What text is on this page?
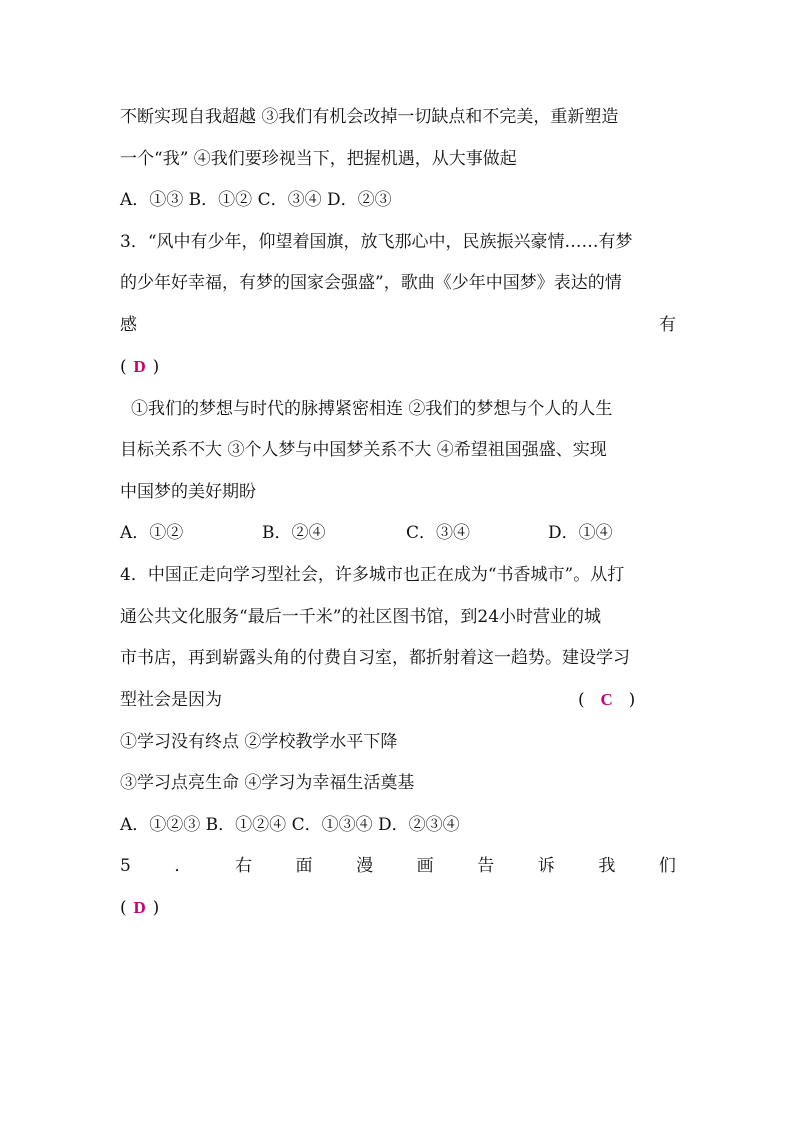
不断实现自我超越 ③我们有机会改掉一切缺点和不完美，重新塑造
一个“我” ④我们要珍视当下，把握机遇，从大事做起
A．①③ B．①② C．③④ D．②③
3．“风中有少年，仰望着国旗，放飞那心中，民族振兴豪情……有梦
的少年好幸福，有梦的国家会强盛”，歌曲《少年中国梦》表达的情
感	有
( D )
①我们的梦想与时代的脉搏紧密相连 ②我们的梦想与个人的人生
目标关系不大 ③个人梦与中国梦关系不大 ④希望祖国强盛、实现
中国梦的美好期盼
A．①②	B．②④	C．③④	D．①④
4．中国正走向学习型社会，许多城市也正在成为“书香城市”。从打
通公共文化服务“最后一千米”的社区图书馆，到24小时营业的城
市书店，再到崭露头角的付费自习室，都折射着这一趋势。建设学习
型社会是因为	( C )
①学习没有终点 ②学校教学水平下降
③学习点亮生命 ④学习为幸福生活奠基
A．①②③ B．①②④ C．①③④ D．②③④
5	．	右	面	漫	画	告	诉	我	们
( D )
